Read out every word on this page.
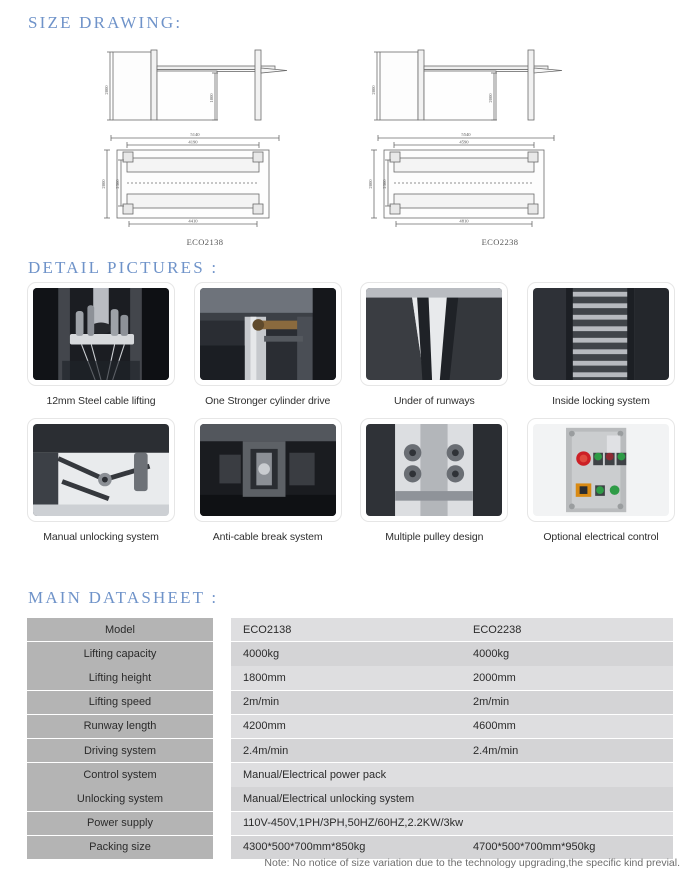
SIZE DRAWING:
2800
1800
5140
4190
4410
2800 2300
ECO2138
2800
2000
5540
4590
4810
2800 2300
ECO2238
DETAIL PICTURES :
12mm Steel cable lifting	One Stronger cylinder drive	Under of runways	Inside locking system
Manual unlocking system	Anti-cable break system	Multiple pulley design	Optional electrical control
MAIN DATASHEET :
Model	ECO2138	ECO2238
Lifting capacity	4000kg	4000kg
Lifting height	1800mm	2000mm
Lifting speed	2m/min	2m/min
Runway length	4200mm	4600mm
Driving system	2.4m/min	2.4m/min
Control system	Manual/Electrical power pack
Unlocking system	Manual/Electrical unlocking system
Power supply	110V-450V,1PH/3PH,50HZ/60HZ,2.2KW/3kw
Packing size	4300*500*700mm*850kg	4700*500*700mm*950kg
Note: No notice of size variation due to the technology upgrading,the specific kind previal.
